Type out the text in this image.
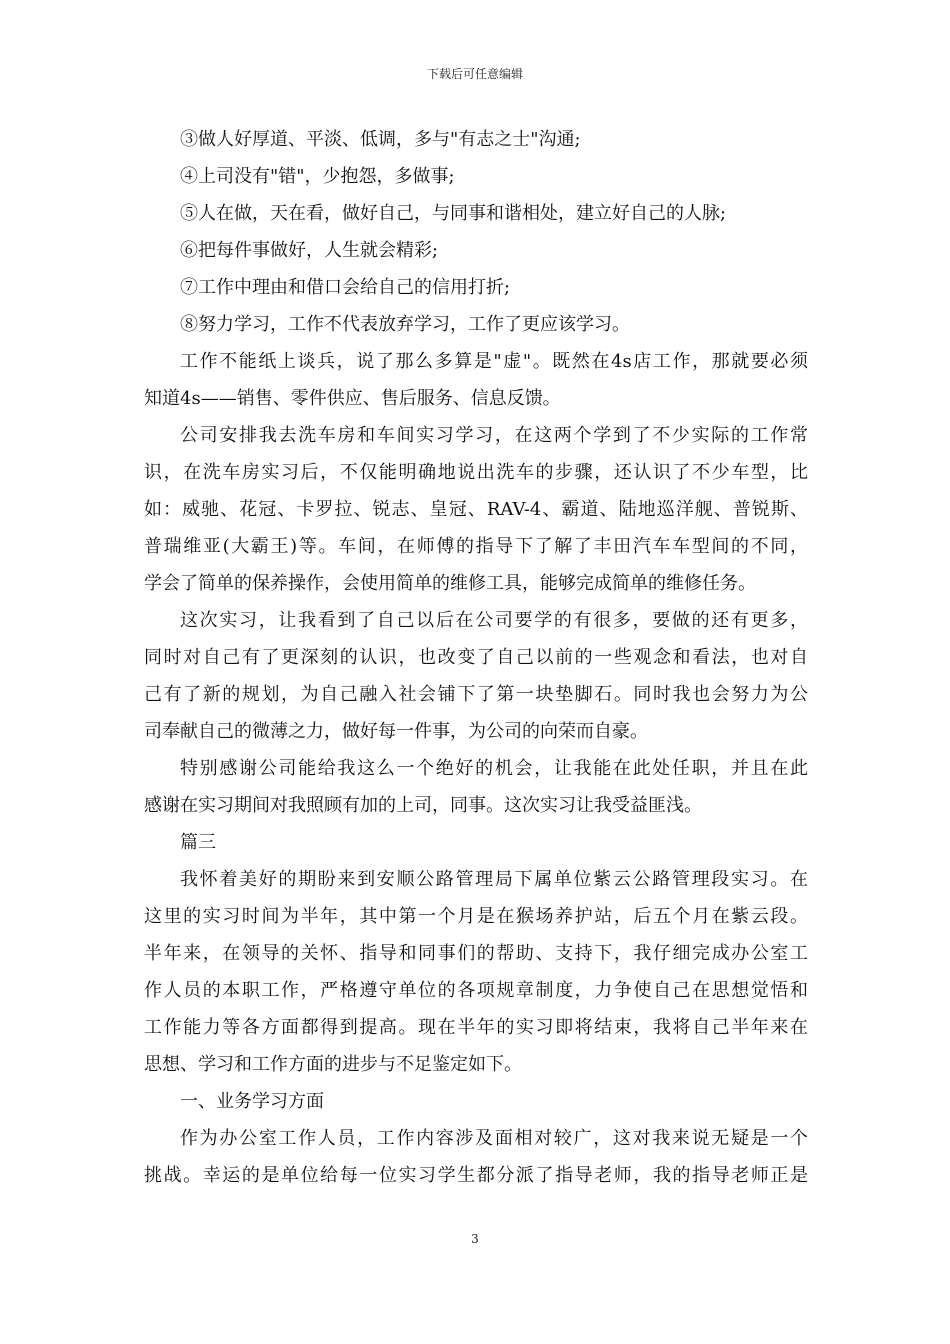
下载后可任意编辑
③做人好厚道、平淡、低调，多与"有志之士"沟通;
④上司没有"错"，少抱怨，多做事;
⑤人在做，天在看，做好自己，与同事和谐相处，建立好自己的人脉;
⑥把每件事做好，人生就会精彩;
⑦工作中理由和借口会给自己的信用打折;
⑧努力学习，工作不代表放弃学习，工作了更应该学习。
工作不能纸上谈兵，说了那么多算是"虚"。既然在4s店工作，那就要必须
知道4s——销售、零件供应、售后服务、信息反馈。
公司安排我去洗车房和车间实习学习，在这两个学到了不少实际的工作常
识，在洗车房实习后，不仅能明确地说出洗车的步骤，还认识了不少车型，比
如：威驰、花冠、卡罗拉、锐志、皇冠、RAV-4、霸道、陆地巡洋舰、普锐斯、
普瑞维亚(大霸王)等。车间，在师傅的指导下了解了丰田汽车车型间的不同，
学会了简单的保养操作，会使用简单的维修工具，能够完成简单的维修任务。
这次实习，让我看到了自己以后在公司要学的有很多，要做的还有更多，
同时对自己有了更深刻的认识，也改变了自己以前的一些观念和看法，也对自
己有了新的规划，为自己融入社会铺下了第一块垫脚石。同时我也会努力为公
司奉献自己的微薄之力，做好每一件事，为公司的向荣而自豪。
特别感谢公司能给我这么一个绝好的机会，让我能在此处任职，并且在此
感谢在实习期间对我照顾有加的上司，同事。这次实习让我受益匪浅。
篇三
我怀着美好的期盼来到安顺公路管理局下属单位紫云公路管理段实习。在
这里的实习时间为半年，其中第一个月是在猴场养护站，后五个月在紫云段。
半年来，在领导的关怀、指导和同事们的帮助、支持下，我仔细完成办公室工
作人员的本职工作，严格遵守单位的各项规章制度，力争使自己在思想觉悟和
工作能力等各方面都得到提高。现在半年的实习即将结束，我将自己半年来在
思想、学习和工作方面的进步与不足鉴定如下。
一、业务学习方面
作为办公室工作人员，工作内容涉及面相对较广，这对我来说无疑是一个
挑战。幸运的是单位给每一位实习学生都分派了指导老师，我的指导老师正是
3
